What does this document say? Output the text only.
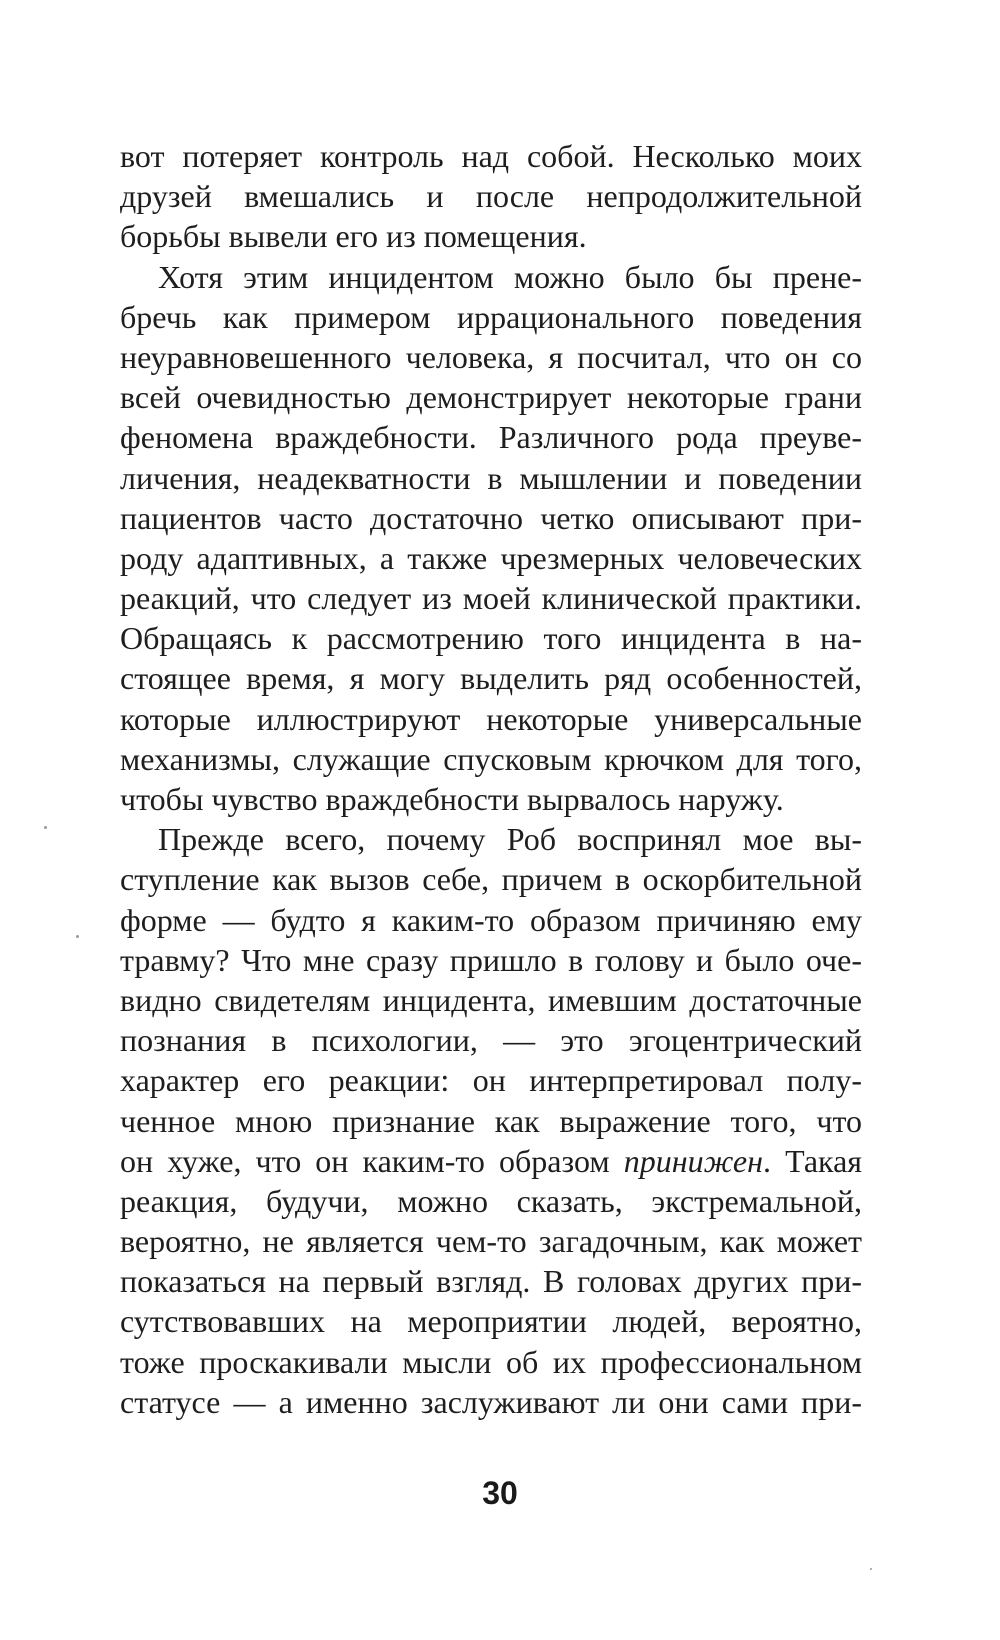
вот потеряет контроль над собой. Несколько моих
друзей вмешались и после непродолжительной
борьбы вывели его из помещения.
Хотя этим инцидентом можно было бы прене-
бречь как примером иррационального поведения
неуравновешенного человека, я посчитал, что он со
всей очевидностью демонстрирует некоторые грани
феномена враждебности. Различного рода преуве-
личения, неадекватности в мышлении и поведении
пациентов часто достаточно четко описывают при-
роду адаптивных, а также чрезмерных человеческих
реакций, что следует из моей клинической практики.
Обращаясь к рассмотрению того инцидента в на-
стоящее время, я могу выделить ряд особенностей,
которые иллюстрируют некоторые универсальные
механизмы, служащие спусковым крючком для того,
чтобы чувство враждебности вырвалось наружу.
Прежде всего, почему Роб воспринял мое вы-
ступление как вызов себе, причем в оскорбительной
форме — будто я каким-то образом причиняю ему
травму? Что мне сразу пришло в голову и было оче-
видно свидетелям инцидента, имевшим достаточные
познания в психологии, — это эгоцентрический
характер его реакции: он интерпретировал полу-
ченное мною признание как выражение того, что
он хуже, что он каким-то образом принижен. Такая
реакция, будучи, можно сказать, экстремальной,
вероятно, не является чем-то загадочным, как может
показаться на первый взгляд. В головах других при-
сутствовавших на мероприятии людей, вероятно,
тоже проскакивали мысли об их профессиональном
статусе — а именно заслуживают ли они сами при-
30
